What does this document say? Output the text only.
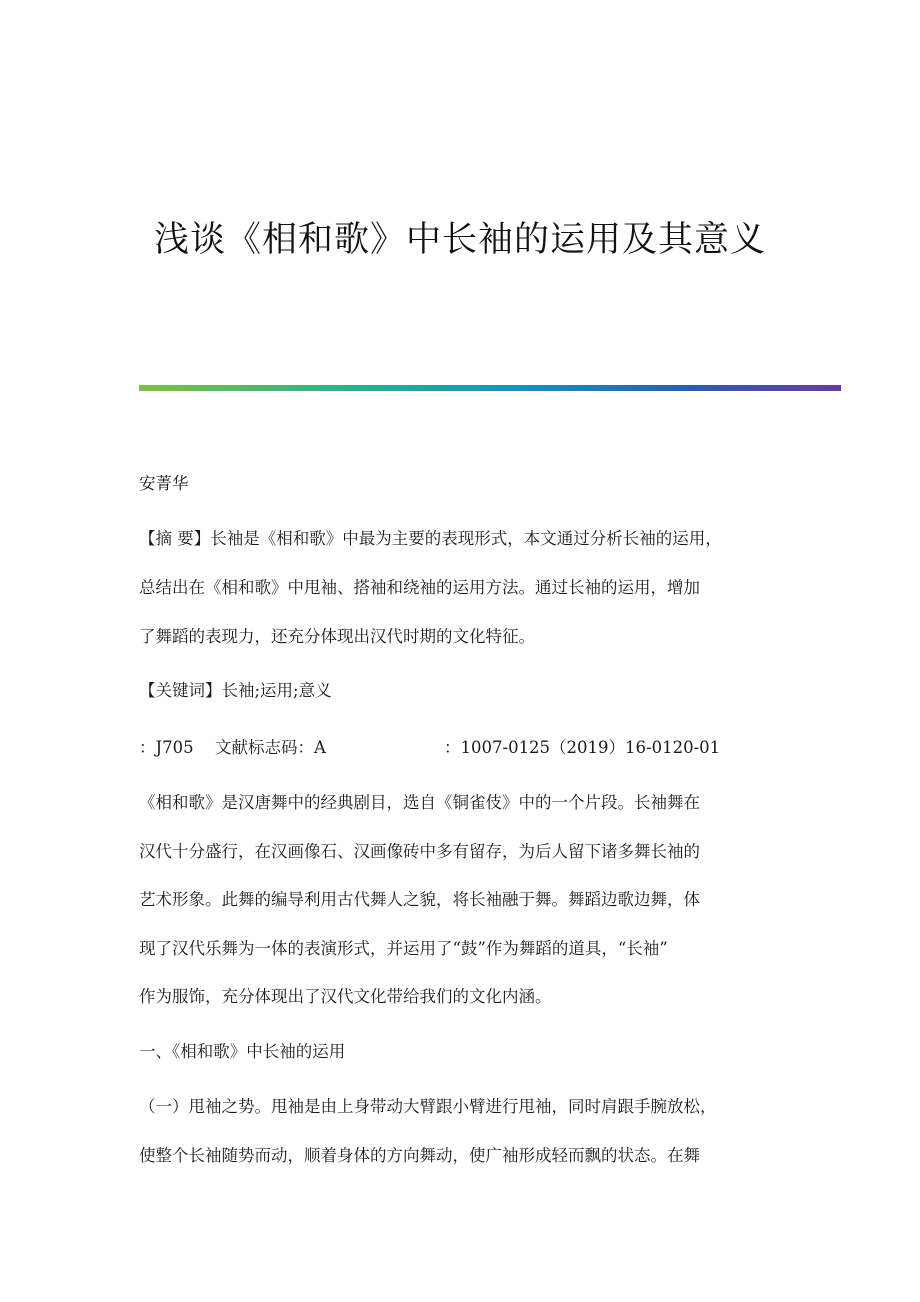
浅谈《相和歌》中长袖的运用及其意义
安菁华
【摘 要】长袖是《相和歌》中最为主要的表现形式，本文通过分析长袖的运用，
总结出在《相和歌》中甩袖、搭袖和绕袖的运用方法。通过长袖的运用，增加
了舞蹈的表现力，还充分体现出汉代时期的文化特征。
【关键词】长袖;运用;意义
：J705 文献标志码：A	：1007-0125（2019）16-0120-01
《相和歌》是汉唐舞中的经典剧目，选自《铜雀伎》中的一个片段。长袖舞在
汉代十分盛行，在汉画像石、汉画像砖中多有留存，为后人留下诸多舞长袖的
艺术形象。此舞的编导利用古代舞人之貌，将长袖融于舞。舞蹈边歌边舞，体
现了汉代乐舞为一体的表演形式，并运用了“鼓”作为舞蹈的道具，“长袖”
作为服饰，充分体现出了汉代文化带给我们的文化内涵。
一、《相和歌》中长袖的运用
（一）甩袖之势。甩袖是由上身带动大臂跟小臂进行甩袖，同时肩跟手腕放松，
使整个长袖随势而动，顺着身体的方向舞动，使广袖形成轻而飘的状态。在舞
